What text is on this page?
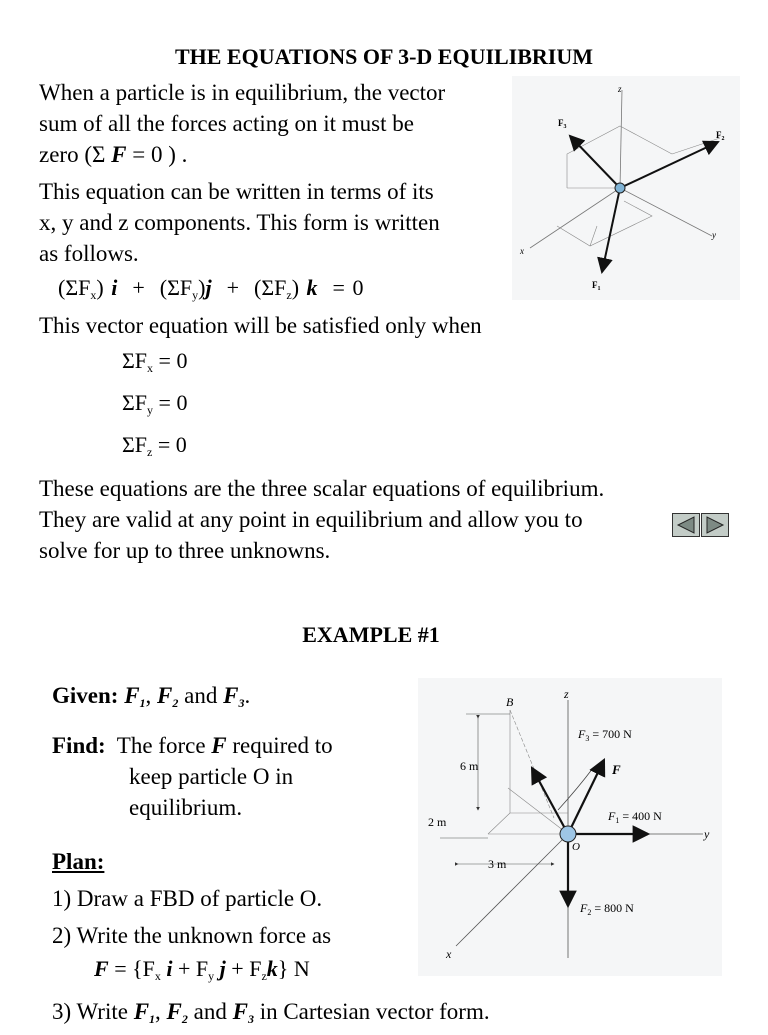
THE EQUATIONS OF 3-D EQUILIBRIUM
When a particle is in equilibrium, the vector
sum of all the forces acting on it must be
zero (Σ F = 0 ) .
This equation can be written in terms of its
x, y and z components. This form is written
as follows.
$(\Sigma F_x) i + (\Sigma F_y)j + (\Sigma F_z) k = 0$
This vector equation will be satisfied only when
$\Sigma F_x = 0$
$\Sigma F_y = 0$
$\Sigma F_z = 0$
These equations are the three scalar equations of equilibrium.
They are valid at any point in equilibrium and allow you to
solve for up to three unknowns.
z
$F_3$
$F_2$
$F_1$
x
y
EXAMPLE #1
Given: $F_1$, $F_2$ and $F_3$.
Find: The force F required to
keep particle O in
equilibrium.
Plan:
1) Draw a FBD of particle O.
2) Write the unknown force as
$F = \{F_x$ $i + F_y$ $j + F_zk$} N
3) Write $F_1$, $F_2$ and $F_3$ in Cartesian vector form.
B
z
6 m
2 m
3 m
$F_3 = 700$ N
F
$F_1 = 400$ N
$F_2 = 800$ N
O
x
y
